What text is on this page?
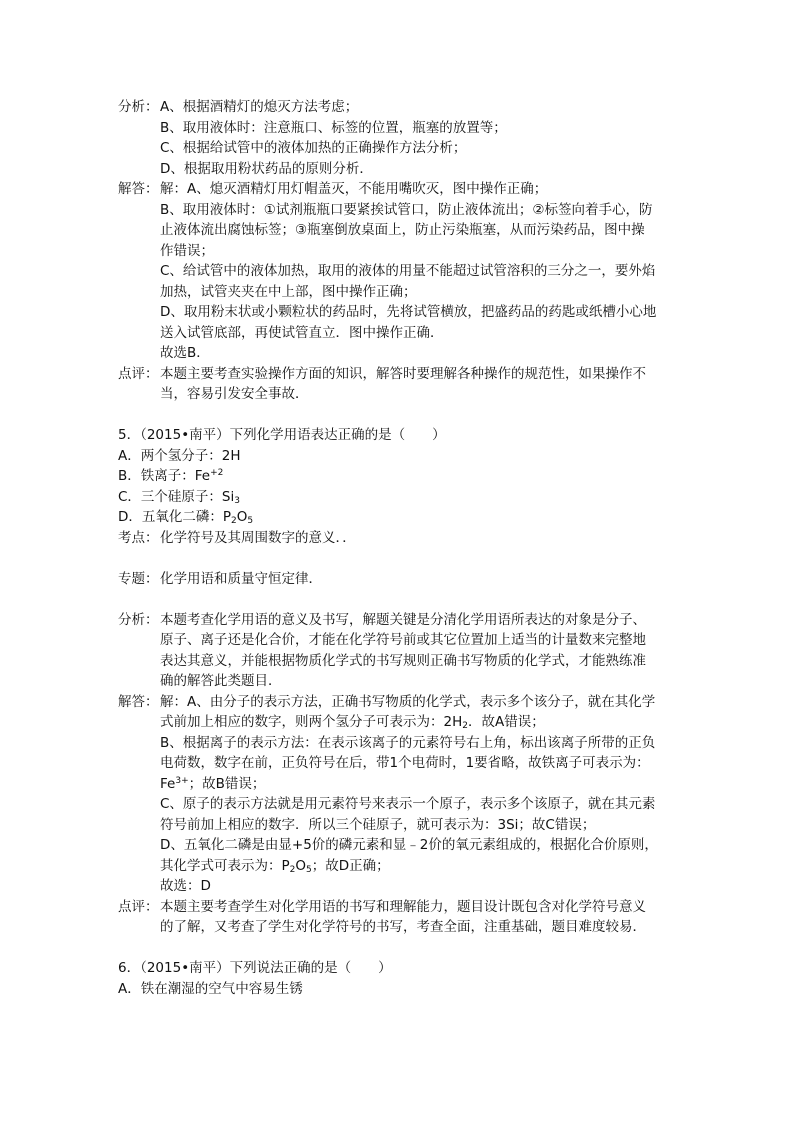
分析： A、根据酒精灯的熄灭方法考虑；
B、取用液体时：注意瓶口、标签的位置，瓶塞的放置等；
C、根据给试管中的液体加热的正确操作方法分析；
D、根据取用粉状药品的原则分析．
解答： 解：A、熄灭酒精灯用灯帽盖灭，不能用嘴吹灭，图中操作正确；
B、取用液体时：①试剂瓶瓶口要紧挨试管口，防止液体流出；②标签向着手心，防
止液体流出腐蚀标签；③瓶塞倒放桌面上，防止污染瓶塞，从而污染药品，图中操
作错误；
C、给试管中的液体加热，取用的液体的用量不能超过试管溶积的三分之一，要外焰
加热，试管夹夹在中上部，图中操作正确；
D、取用粉末状或小颗粒状的药品时，先将试管横放，把盛药品的药匙或纸槽小心地
送入试管底部，再使试管直立．图中操作正确．
故选B．
点评： 本题主要考查实验操作方面的知识，解答时要理解各种操作的规范性，如果操作不
当，容易引发安全事故．
5．（2015•南平）下列化学用语表达正确的是（　　）
A．两个氢分子：2H
B．铁离子：$Fe^{+2}$
C．三个硅原子：$Si_3$
D．五氧化二磷：$P_2O_5$
考点： 化学符号及其周围数字的意义．．
专题： 化学用语和质量守恒定律．
分析： 本题考查化学用语的意义及书写，解题关键是分清化学用语所表达的对象是分子、
原子、离子还是化合价，才能在化学符号前或其它位置加上适当的计量数来完整地
表达其意义，并能根据物质化学式的书写规则正确书写物质的化学式，才能熟练准
确的解答此类题目．
解答： 解：A、由分子的表示方法，正确书写物质的化学式，表示多个该分子，就在其化学
式前加上相应的数字，则两个氢分子可表示为：$2H_2$．故A错误；
B、根据离子的表示方法：在表示该离子的元素符号右上角，标出该离子所带的正负
电荷数，数字在前，正负符号在后，带1个电荷时，1要省略，故铁离子可表示为：
$Fe^{3+}$；故B错误；
C、原子的表示方法就是用元素符号来表示一个原子，表示多个该原子，就在其元素
符号前加上相应的数字．所以三个硅原子，就可表示为：3Si；故C错误；
D、五氧化二磷是由显+5价的磷元素和显﹣2价的氧元素组成的，根据化合价原则，
其化学式可表示为：$P_2O_5$；故D正确；
故选：D
点评： 本题主要考查学生对化学用语的书写和理解能力，题目设计既包含对化学符号意义
的了解，又考查了学生对化学符号的书写，考查全面，注重基础，题目难度较易．
6．（2015•南平）下列说法正确的是（　　）
A．铁在潮湿的空气中容易生锈
